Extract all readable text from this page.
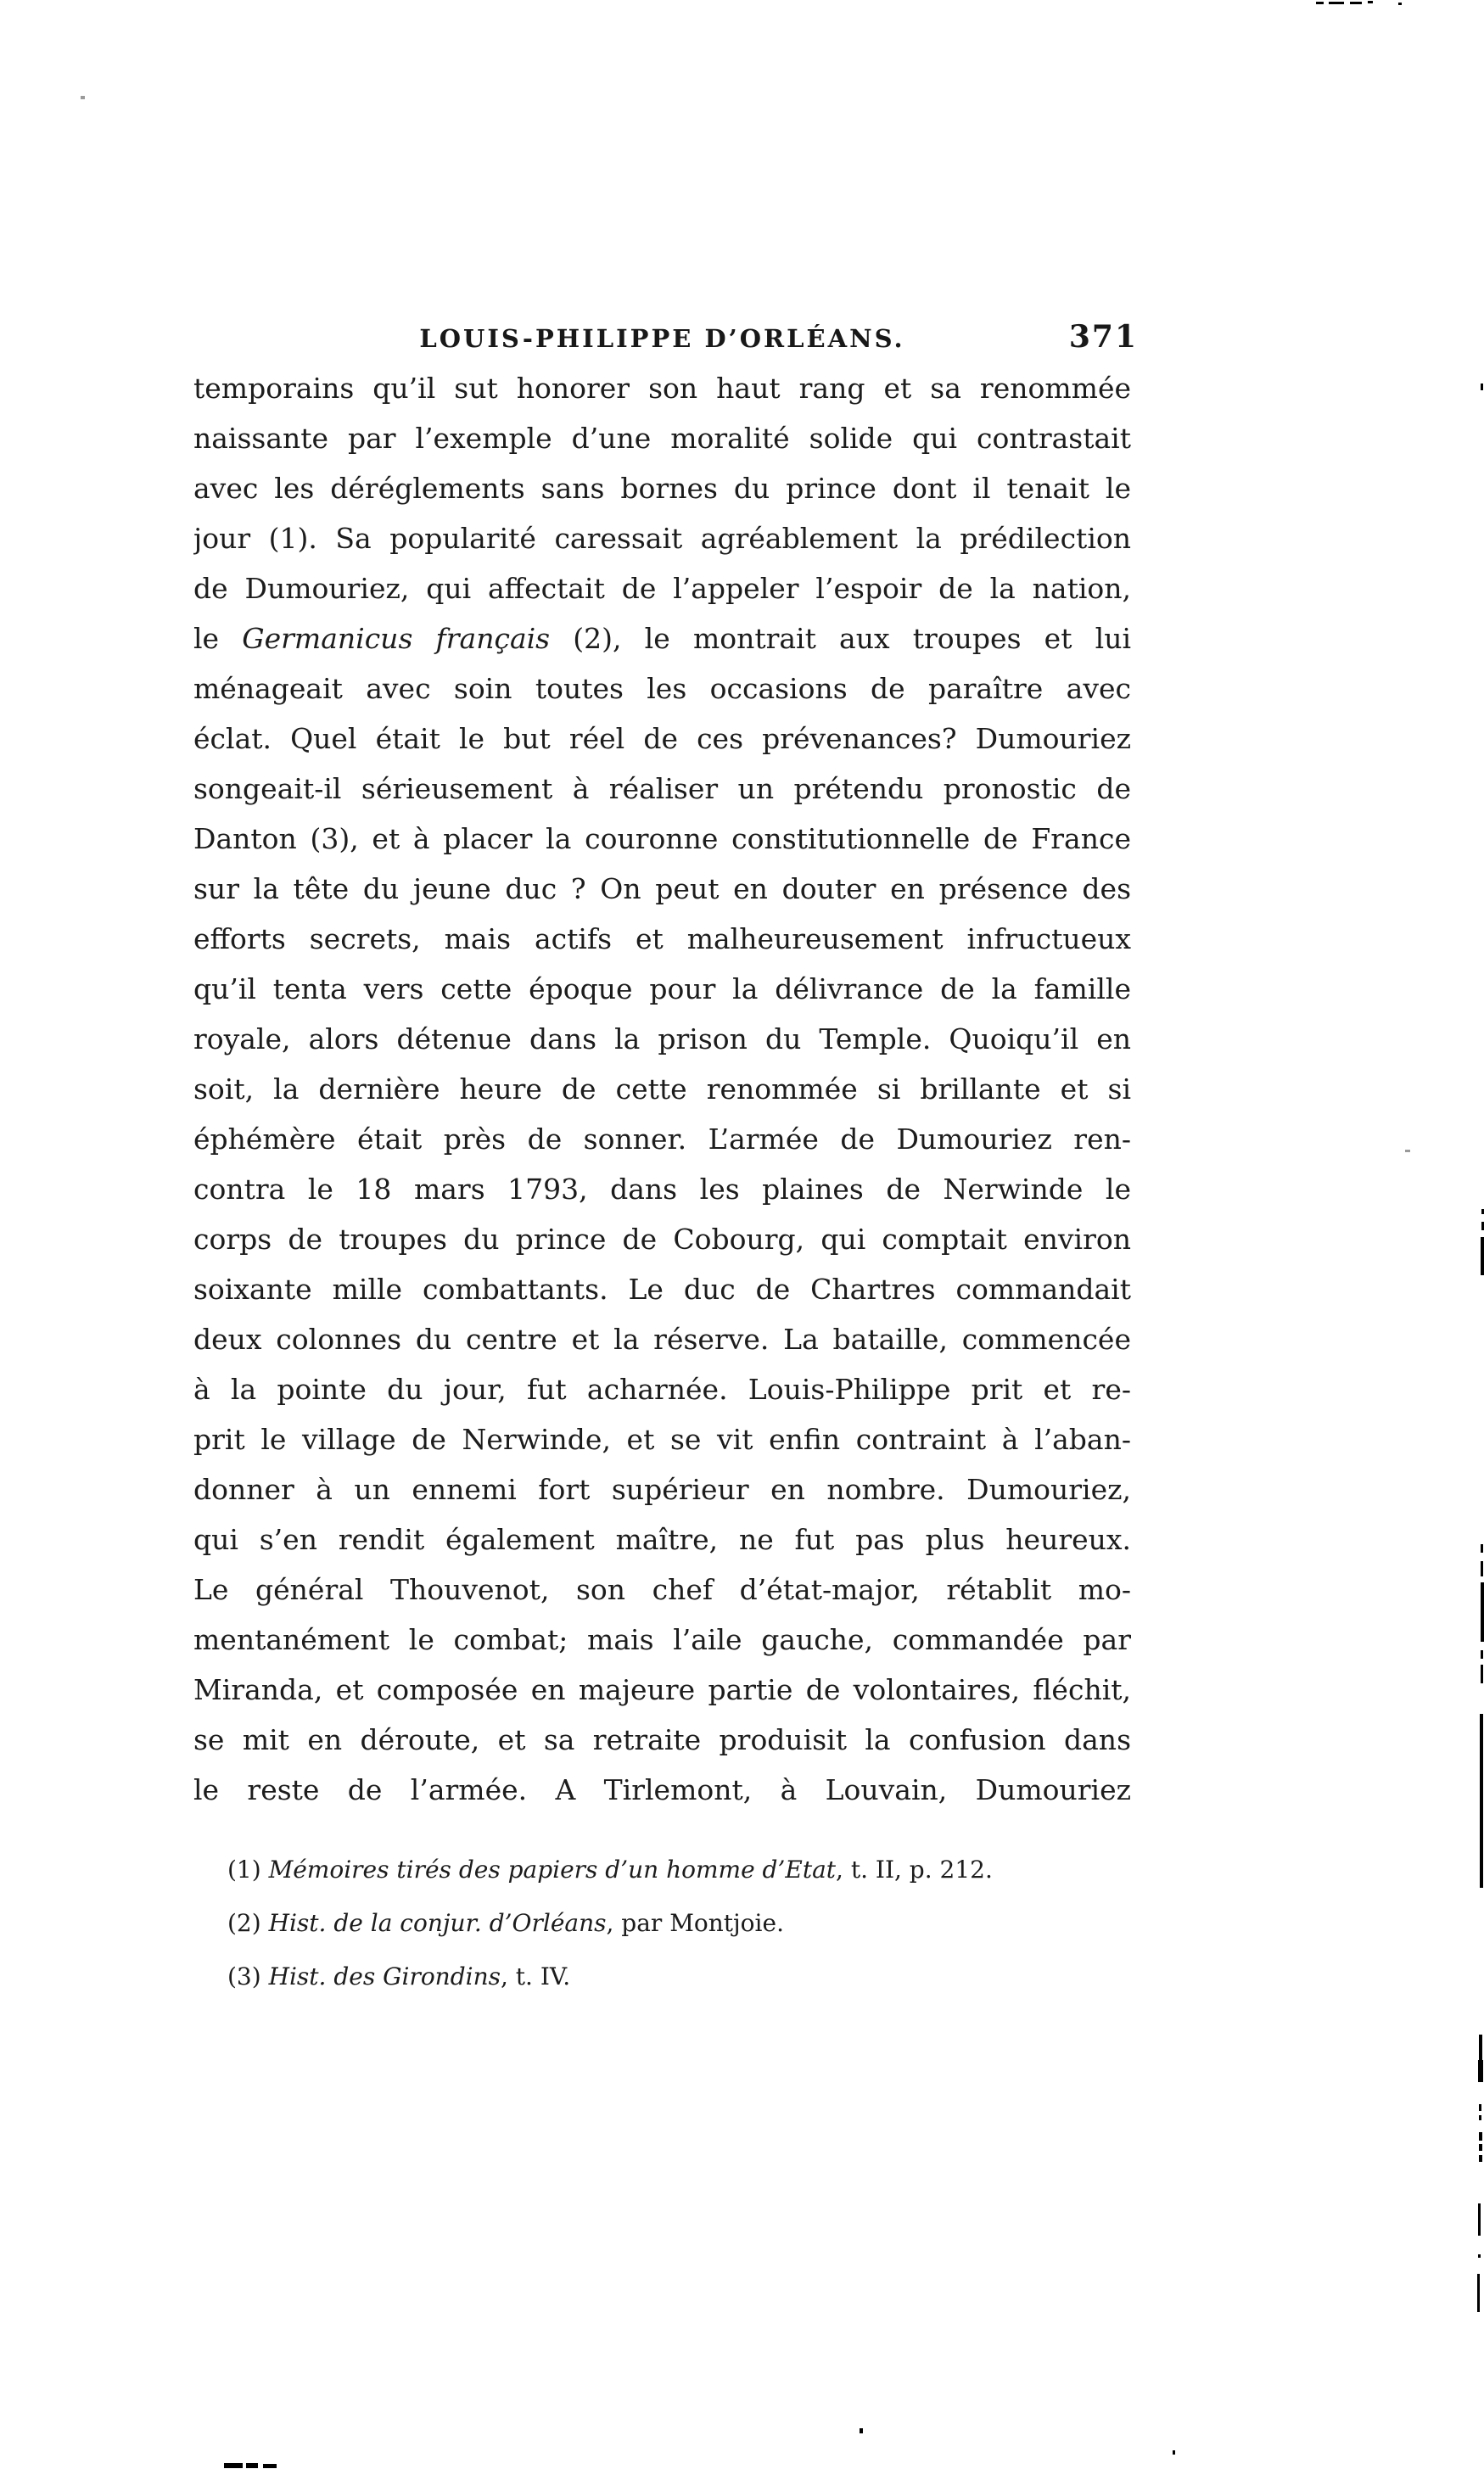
LOUIS-PHILIPPE D’ORLÉANS.	371
temporains qu’il sut honorer son haut rang et sa renommée
naissante par l’exemple d’une moralité solide qui contrastait
avec les déréglements sans bornes du prince dont il tenait le
jour (1). Sa popularité caressait agréablement la prédilection
de Dumouriez, qui affectait de l’appeler l’espoir de la nation,
le Germanicus français (2), le montrait aux troupes et lui
ménageait avec soin toutes les occasions de paraître avec
éclat. Quel était le but réel de ces prévenances? Dumouriez
songeait-il sérieusement à réaliser un prétendu pronostic de
Danton (3), et à placer la couronne constitutionnelle de France
sur la tête du jeune duc ? On peut en douter en présence des
efforts secrets, mais actifs et malheureusement infructueux
qu’il tenta vers cette époque pour la délivrance de la famille
royale, alors détenue dans la prison du Temple. Quoiqu’il en
soit, la dernière heure de cette renommée si brillante et si
éphémère était près de sonner. L’armée de Dumouriez ren-
contra le 18 mars 1793, dans les plaines de Nerwinde le
corps de troupes du prince de Cobourg, qui comptait environ
soixante mille combattants. Le duc de Chartres commandait
deux colonnes du centre et la réserve. La bataille, commencée
à la pointe du jour, fut acharnée. Louis-Philippe prit et re-
prit le village de Nerwinde, et se vit enfin contraint à l’aban-
donner à un ennemi fort supérieur en nombre. Dumouriez,
qui s’en rendit également maître, ne fut pas plus heureux.
Le général Thouvenot, son chef d’état-major, rétablit mo-
mentanément le combat; mais l’aile gauche, commandée par
Miranda, et composée en majeure partie de volontaires, fléchit,
se mit en déroute, et sa retraite produisit la confusion dans
le reste de l’armée. A Tirlemont, à Louvain, Dumouriez
(1) Mémoires tirés des papiers d’un homme d’Etat, t. II, p. 212.
(2) Hist. de la conjur. d’Orléans, par Montjoie.
(3) Hist. des Girondins, t. IV.
